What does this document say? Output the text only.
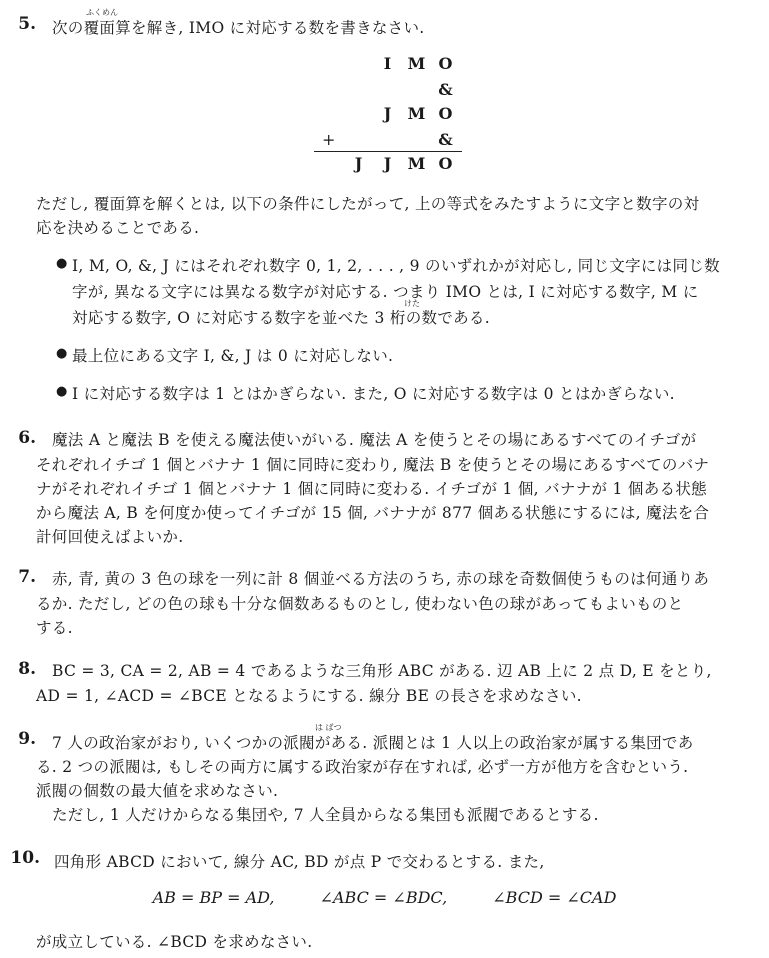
5.
ふくめん
次の覆面算を解き, IMO に対応する数を書きなさい.
I M O
&
J M O
+	&
J J M O
ただし, 覆面算を解くとは, 以下の条件にしたがって, 上の等式をみたすように文字と数字の対
応を決めることである.
● I, M, O, &, J にはそれぞれ数字 0, 1, 2, . . . , 9 のいずれかが対応し, 同じ文字には同じ数
字が, 異なる文字には異なる数字が対応する. つまり IMO とは, I に対応する数字, M に
けた
対応する数字, O に対応する数字を並べた 3 桁の数である.
● 最上位にある文字 I, &, J は 0 に対応しない.
● I に対応する数字は 1 とはかぎらない. また, O に対応する数字は 0 とはかぎらない.
6. 魔法 A と魔法 B を使える魔法使いがいる. 魔法 A を使うとその場にあるすべてのイチゴが
それぞれイチゴ 1 個とバナナ 1 個に同時に変わり, 魔法 B を使うとその場にあるすべてのバナ
ナがそれぞれイチゴ 1 個とバナナ 1 個に同時に変わる. イチゴが 1 個, バナナが 1 個ある状態
から魔法 A, B を何度か使ってイチゴが 15 個, バナナが 877 個ある状態にするには, 魔法を合
計何回使えばよいか.
7. 赤, 青, 黄の 3 色の球を一列に計 8 個並べる方法のうち, 赤の球を奇数個使うものは何通りあ
るか. ただし, どの色の球も十分な個数あるものとし, 使わない色の球があってもよいものと
する.
8. BC = 3, CA = 2, AB = 4 であるような三角形 ABC がある. 辺 AB 上に 2 点 D, E をとり,
AD = 1, ∠ACD = ∠BCE となるようにする. 線分 BE の長さを求めなさい.
9.
は ばつ
7 人の政治家がおり, いくつかの派閥がある. 派閥とは 1 人以上の政治家が属する集団であ
る. 2 つの派閥は, もしその両方に属する政治家が存在すれば, 必ず一方が他方を含むという.
派閥の個数の最大値を求めなさい.
ただし, 1 人だけからなる集団や, 7 人全員からなる集団も派閥であるとする.
10. 四角形 ABCD において, 線分 AC, BD が点 P で交わるとする. また,
AB = BP = AD,	∠ABC = ∠BDC,	∠BCD = ∠CAD
が成立している. ∠BCD を求めなさい.
